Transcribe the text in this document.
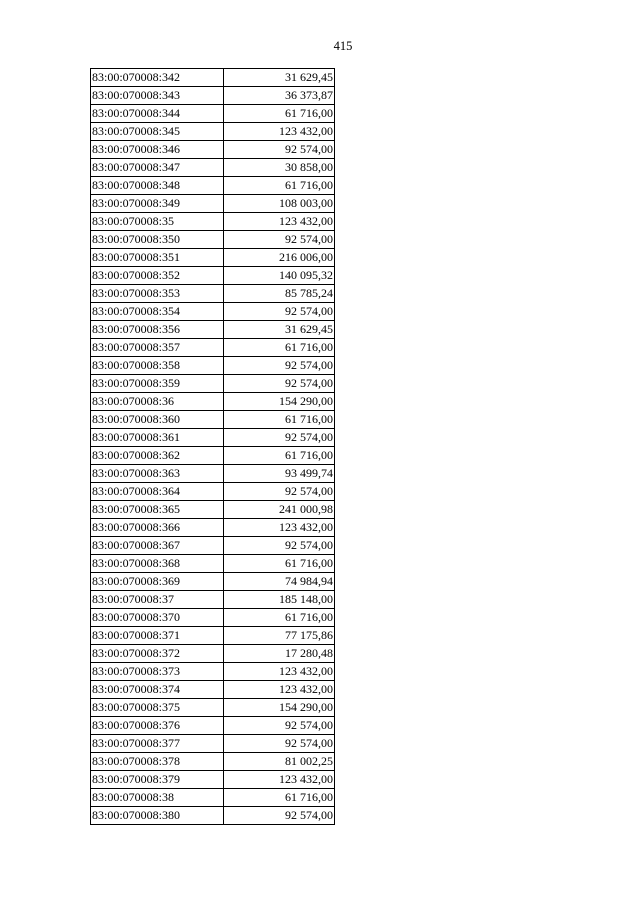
415
83:00:070008:342	31 629,45
83:00:070008:343	36 373,87
83:00:070008:344	61 716,00
83:00:070008:345	123 432,00
83:00:070008:346	92 574,00
83:00:070008:347	30 858,00
83:00:070008:348	61 716,00
83:00:070008:349	108 003,00
83:00:070008:35	123 432,00
83:00:070008:350	92 574,00
83:00:070008:351	216 006,00
83:00:070008:352	140 095,32
83:00:070008:353	85 785,24
83:00:070008:354	92 574,00
83:00:070008:356	31 629,45
83:00:070008:357	61 716,00
83:00:070008:358	92 574,00
83:00:070008:359	92 574,00
83:00:070008:36	154 290,00
83:00:070008:360	61 716,00
83:00:070008:361	92 574,00
83:00:070008:362	61 716,00
83:00:070008:363	93 499,74
83:00:070008:364	92 574,00
83:00:070008:365	241 000,98
83:00:070008:366	123 432,00
83:00:070008:367	92 574,00
83:00:070008:368	61 716,00
83:00:070008:369	74 984,94
83:00:070008:37	185 148,00
83:00:070008:370	61 716,00
83:00:070008:371	77 175,86
83:00:070008:372	17 280,48
83:00:070008:373	123 432,00
83:00:070008:374	123 432,00
83:00:070008:375	154 290,00
83:00:070008:376	92 574,00
83:00:070008:377	92 574,00
83:00:070008:378	81 002,25
83:00:070008:379	123 432,00
83:00:070008:38	61 716,00
83:00:070008:380	92 574,00
